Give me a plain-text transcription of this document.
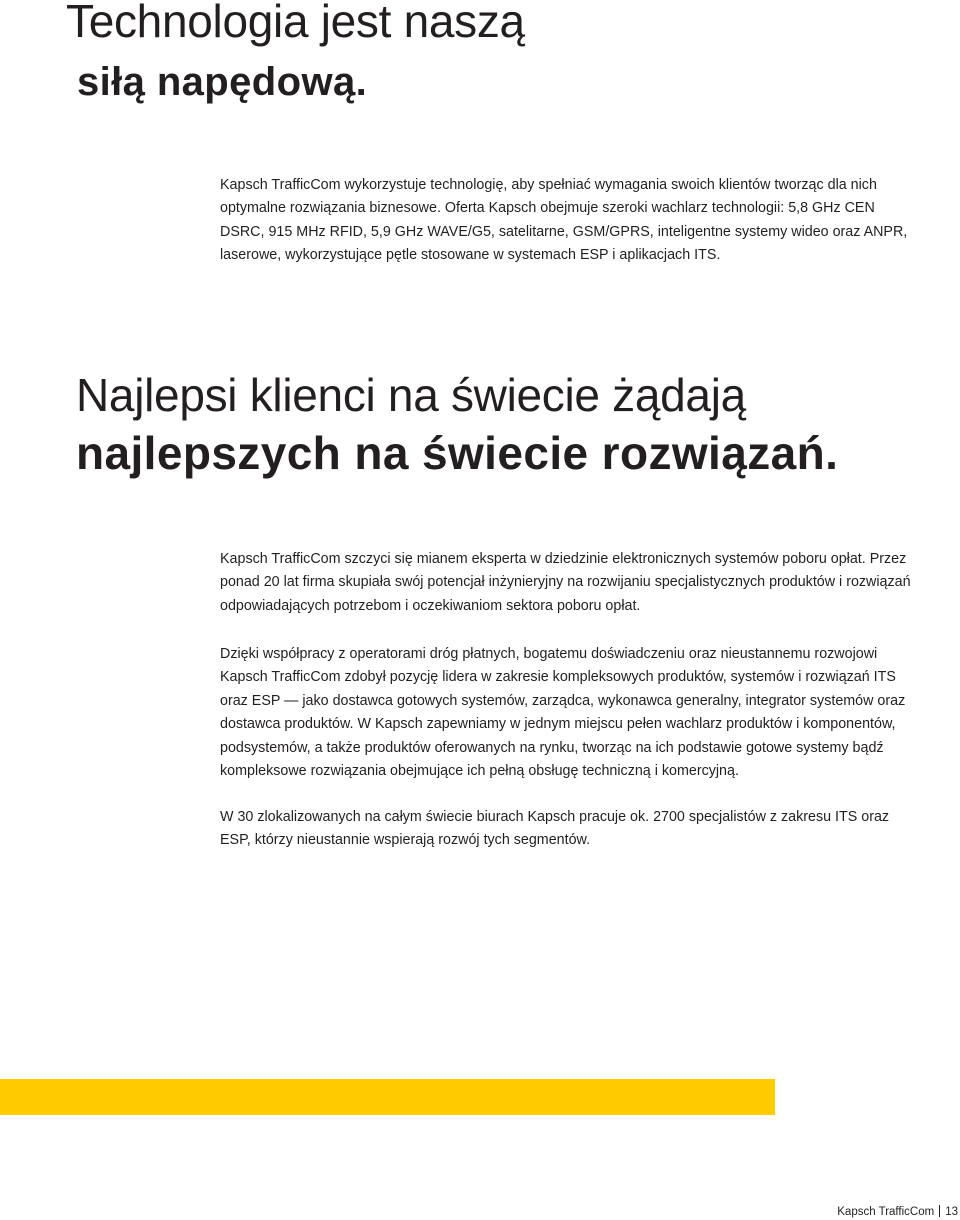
Technologia jest naszą
siłą napędową.

Kapsch TrafficCom wykorzystuje technologię, aby spełniać wymagania swoich klientów tworząc dla nich optymalne rozwiązania biznesowe. Oferta Kapsch obejmuje szeroki wachlarz technologii: 5,8 GHz CEN DSRC, 915 MHz RFID, 5,9 GHz WAVE/G5, satelitarne, GSM/GPRS, inteligentne systemy wideo oraz ANPR, laserowe, wykorzystujące pętle stosowane w systemach ESP i aplikacjach ITS.

Najlepsi klienci na świecie żądają
najlepszych na świecie rozwiązań.

Kapsch TrafficCom szczyci się mianem eksperta w dziedzinie elektronicznych systemów poboru opłat. Przez ponad 20 lat firma skupiała swój potencjał inżynieryjny na rozwijaniu specjalistycznych produktów i rozwiązań odpowiadających potrzebom i oczekiwaniom sektora poboru opłat.

Dzięki współpracy z operatorami dróg płatnych, bogatemu doświadczeniu oraz nieustannemu rozwojowi Kapsch TrafficCom zdobył pozycję lidera w zakresie kompleksowych produktów, systemów i rozwiązań ITS oraz ESP — jako dostawca gotowych systemów, zarządca, wykonawca generalny, integrator systemów oraz dostawca produktów. W Kapsch zapewniamy w jednym miejscu pełen wachlarz produktów i komponentów, podsystemów, a także produktów oferowanych na rynku, tworząc na ich podstawie gotowe systemy bądź kompleksowe rozwiązania obejmujące ich pełną obsługę techniczną i komercyjną.

W 30 zlokalizowanych na całym świecie biurach Kapsch pracuje ok. 2700 specjalistów z zakresu ITS oraz ESP, którzy nieustannie wspierają rozwój tych segmentów.

Kapsch TrafficCom 13
